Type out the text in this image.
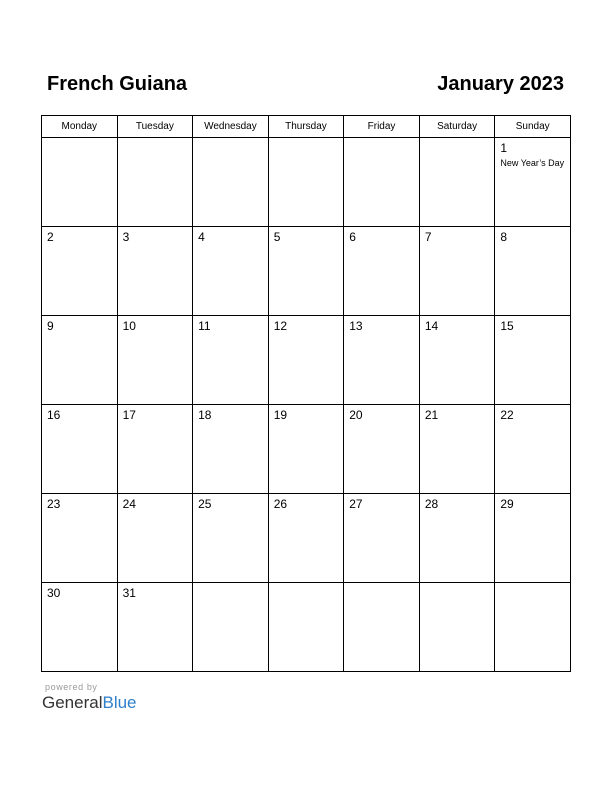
French Guiana	January 2023
Monday	Tuesday	Wednesday	Thursday	Friday	Saturday	Sunday

						1
New Year’s Day

2	3	4	5	6	7	8

9	10	11	12	13	14	15

16	17	18	19	20	21	22

23	24	25	26	27	28	29

30	31					

powered by
GeneralBlue
